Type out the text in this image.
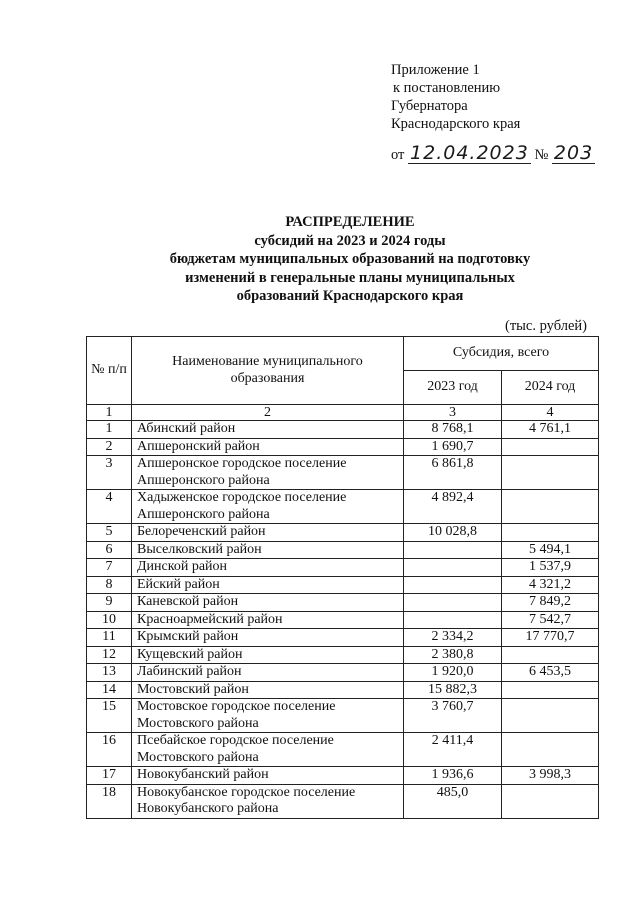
Приложение 1
к постановлению
Губернатора
Краснодарского края
от 12.04.2023 № 203
РАСПРЕДЕЛЕНИЕ
субсидий на 2023 и 2024 годы
бюджетам муниципальных образований на подготовку
изменений в генеральные планы муниципальных
образований Краснодарского края
(тыс. рублей)
№ п/п	Наименование муниципального образования	Субсидия, всего	
		2023 год	2024 год
1	2	3	4
1	Абинский район	8 768,1	4 761,1
2	Апшеронский район	1 690,7	
3	Апшеронское городское поселение Апшеронского района	6 861,8	
4	Хадыженское городское поселение Апшеронского района	4 892,4	
5	Белореченский район	10 028,8	
6	Выселковский район		5 494,1
7	Динской район		1 537,9
8	Ейский район		4 321,2
9	Каневской район		7 849,2
10	Красноармейский район		7 542,7
11	Крымский район	2 334,2	17 770,7
12	Кущевский район	2 380,8	
13	Лабинский район	1 920,0	6 453,5
14	Мостовский район	15 882,3	
15	Мостовское городское поселение Мостовского района	3 760,7	
16	Псебайское городское поселение Мостовского района	2 411,4	
17	Новокубанский район	1 936,6	3 998,3
18	Новокубанское городское поселение Новокубанского района	485,0	
